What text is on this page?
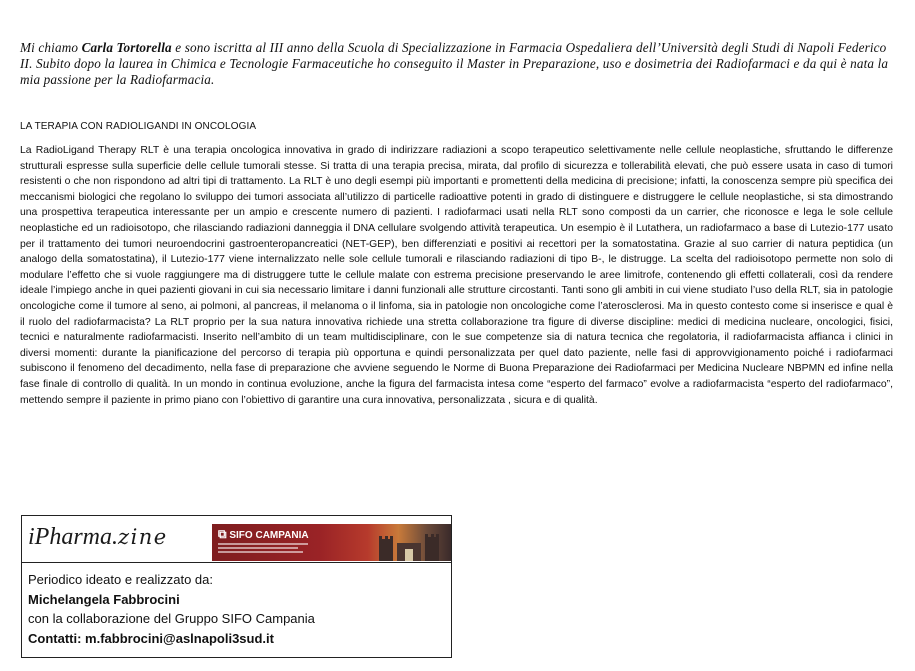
Mi chiamo Carla Tortorella e sono iscritta al III anno della Scuola di Specializzazione in Farmacia Ospedaliera dell’Università degli Studi di Napoli Federico II. Subito dopo la laurea in Chimica e Tecnologie Farmaceutiche ho conseguito il Master in Preparazione, uso e dosimetria dei Radiofarmaci e da qui è nata la mia passione per la Radiofarmacia.
LA TERAPIA CON RADIOLIGANDI IN ONCOLOGIA

La RadioLigand Therapy RLT è una terapia oncologica innovativa in grado di indirizzare radiazioni a scopo terapeutico selettivamente nelle cellule neoplastiche, sfruttando le differenze strutturali espresse sulla superficie delle cellule tumorali stesse. Si tratta di una terapia precisa, mirata, dal profilo di sicurezza e tollerabilità elevati, che può essere usata in caso di tumori resistenti o che non rispondono ad altri tipi di trattamento. La RLT è uno degli esempi più importanti e promettenti della medicina di precisione; infatti, la conoscenza sempre più specifica dei meccanismi biologici che regolano lo sviluppo dei tumori associata all’utilizzo di particelle radioattive potenti in grado di distinguere e distruggere le cellule neoplastiche, si sta dimostrando una prospettiva terapeutica interessante per un ampio e crescente numero di pazienti. I radiofarmaci usati nella RLT sono composti da un carrier, che riconosce e lega le sole cellule neoplastiche ed un radioisotopo, che rilasciando radiazioni danneggia il DNA cellulare svolgendo attività terapeutica. Un esempio è il Lutathera, un radiofarmaco a base di Lutezio-177 usato per il trattamento dei tumori neuroendocrini gastroenteropancreatici (NET-GEP), ben differenziati e positivi ai recettori per la somatostatina. Grazie al suo carrier di natura peptidica (un analogo della somatostatina), il Lutezio-177 viene internalizzato nelle sole cellule tumorali e rilasciando radiazioni di tipo B-, le distrugge. La scelta del radioisotopo permette non solo di modulare l’effetto che si vuole raggiungere ma di distruggere tutte le cellule malate con estrema precisione preservando le aree limitrofe, contenendo gli effetti collaterali, così da rendere ideale l’impiego anche in quei pazienti giovani in cui sia necessario limitare i danni funzionali alle strutture circostanti. Tanti sono gli ambiti in cui viene studiato l’uso della RLT, sia in patologie oncologiche come il tumore al seno, ai polmoni, al pancreas, il melanoma o il linfoma, sia in patologie non oncologiche come l’aterosclerosi. Ma in questo contesto come si inserisce e qual è il ruolo del radiofarmacista? La RLT proprio per la sua natura innovativa richiede una stretta collaborazione tra figure di diverse discipline: medici di medicina nucleare, oncologici, fisici, tecnici e naturalmente radiofarmacisti. Inserito nell’ambito di un team multidisciplinare, con le sue competenze sia di natura tecnica che regolatoria, il radiofarmacista affianca i clinici in diversi momenti: durante la pianificazione del percorso di terapia più opportuna e quindi personalizzata per quel dato paziente, nelle fasi di approvvigionamento poiché i radiofarmaci subiscono il fenomeno del decadimento, nella fase di preparazione che avviene seguendo le Norme di Buona Preparazione dei Radiofarmaci per Medicina Nucleare NBPMN ed infine nella fase finale di controllo di qualità. In un mondo in continua evoluzione, anche la figura del farmacista intesa come “esperto del farmaco” evolve a radiofarmacista “esperto del radiofarmaco”, mettendo sempre il paziente in primo piano con l’obiettivo di garantire una cura innovativa, personalizzata , sicura e di qualità.

iPharma.zine	⧉ SIFO CAMPANIA
Periodico ideato e realizzato da:
Michelangela Fabbrocini
con la collaborazione del Gruppo SIFO Campania
Contatti: m.fabbrocini@aslnapoli3sud.it
